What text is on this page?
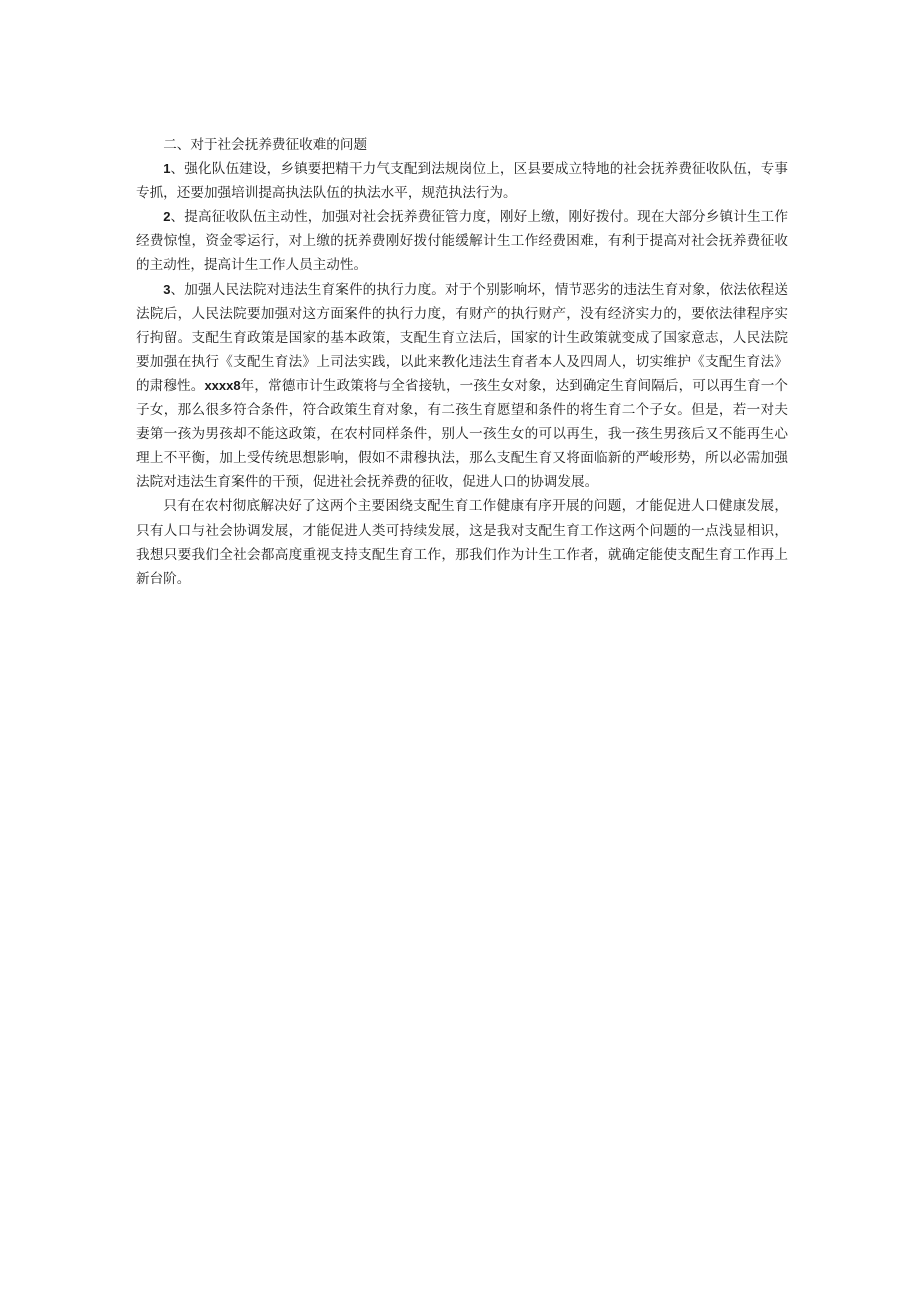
二、对于社会抚养费征收难的问题

1、强化队伍建设，乡镇要把精干力气支配到法规岗位上，区县要成立特地的社会抚养费征收队伍，专事专抓，还要加强培训提高执法队伍的执法水平，规范执法行为。

2、提高征收队伍主动性，加强对社会抚养费征管力度，刚好上缴，刚好拨付。现在大部分乡镇计生工作经费惊惶，资金零运行，对上缴的抚养费刚好拨付能缓解计生工作经费困难，有利于提高对社会抚养费征收的主动性，提高计生工作人员主动性。

3、加强人民法院对违法生育案件的执行力度。对于个别影响坏，情节恶劣的违法生育对象，依法依程送法院后，人民法院要加强对这方面案件的执行力度，有财产的执行财产，没有经济实力的，要依法律程序实行拘留。支配生育政策是国家的基本政策，支配生育立法后，国家的计生政策就变成了国家意志，人民法院要加强在执行《支配生育法》上司法实践，以此来教化违法生育者本人及四周人，切实维护《支配生育法》的肃穆性。xxxx8年，常德市计生政策将与全省接轨，一孩生女对象，达到确定生育间隔后，可以再生育一个子女，那么很多符合条件，符合政策生育对象，有二孩生育愿望和条件的将生育二个子女。但是，若一对夫妻第一孩为男孩却不能这政策，在农村同样条件，别人一孩生女的可以再生，我一孩生男孩后又不能再生心理上不平衡，加上受传统思想影响，假如不肃穆执法，那么支配生育又将面临新的严峻形势，所以必需加强法院对违法生育案件的干预，促进社会抚养费的征收，促进人口的协调发展。

只有在农村彻底解决好了这两个主要困绕支配生育工作健康有序开展的问题，才能促进人口健康发展，只有人口与社会协调发展，才能促进人类可持续发展，这是我对支配生育工作这两个问题的一点浅显相识，我想只要我们全社会都高度重视支持支配生育工作，那我们作为计生工作者，就确定能使支配生育工作再上新台阶。
